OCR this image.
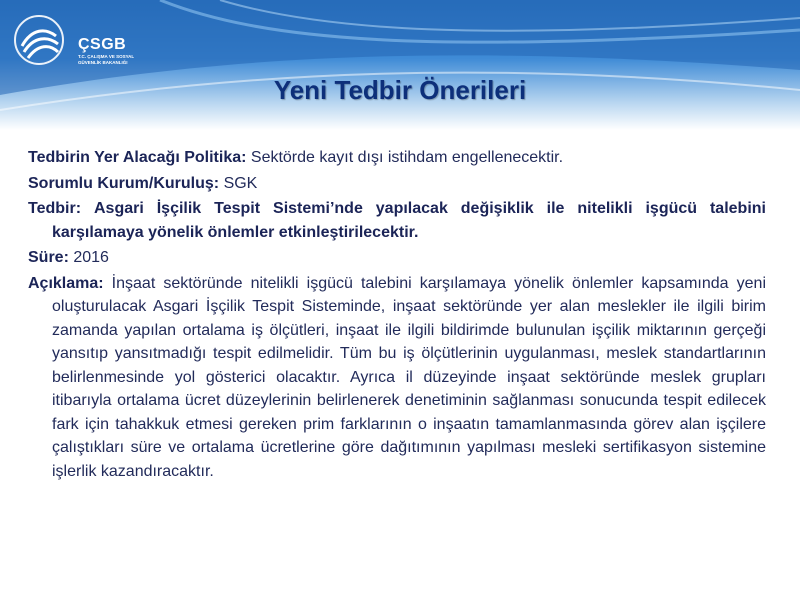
ÇSGB
T.C. ÇALIŞMA VE SOSYAL GÜVENLİK BAKANLIĞI
Yeni Tedbir Önerileri
Tedbirin Yer Alacağı Politika: Sektörde kayıt dışı istihdam engellenecektir.
Sorumlu Kurum/Kuruluş: SGK
Tedbir: Asgari İşçilik Tespit Sistemi’nde yapılacak değişiklik ile nitelikli işgücü talebini karşılamaya yönelik önlemler etkinleştirilecektir.
Süre: 2016
Açıklama: İnşaat sektöründe nitelikli işgücü talebini karşılamaya yönelik önlemler kapsamında yeni oluşturulacak Asgari İşçilik Tespit Sisteminde, inşaat sektöründe yer alan meslekler ile ilgili birim zamanda yapılan ortalama iş ölçütleri, inşaat ile ilgili bildirimde bulunulan işçilik miktarının gerçeği yansıtıp yansıtmadığı tespit edilmelidir. Tüm bu iş ölçütlerinin uygulanması, meslek standartlarının belirlenmesinde yol gösterici olacaktır. Ayrıca il düzeyinde inşaat sektöründe meslek grupları itibarıyla ortalama ücret düzeylerinin belirlenerek denetiminin sağlanması sonucunda tespit edilecek fark için tahakkuk etmesi gereken prim farklarının o inşaatın tamamlanmasında görev alan işçilere çalıştıkları süre ve ortalama ücretlerine göre dağıtımının yapılması mesleki sertifikasyon sistemine işlerlik kazandıracaktır.
